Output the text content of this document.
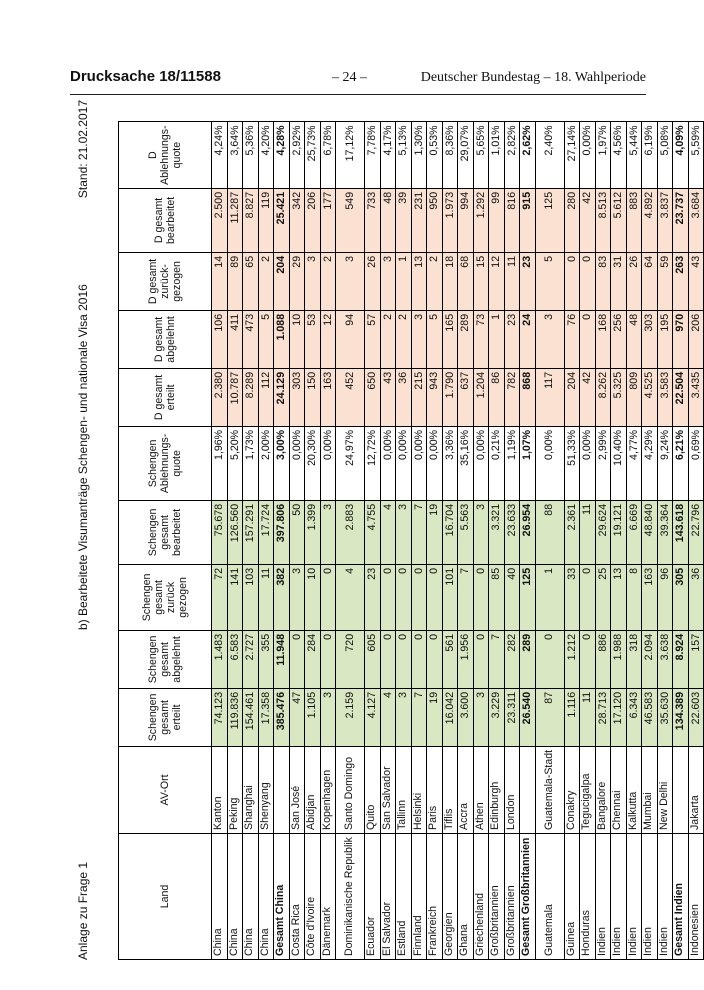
Drucksache 18/11588	– 24 –	Deutscher Bundestag – 18. Wahlperiode
Anlage zu Frage 1
b) Bearbeitete Visumanträge Schengen- und nationale Visa 2016
Stand: 21.02.2017
Land	AV-Ort	Schengen gesamt erteilt	Schengen gesamt abgelehnt	Schengen gesamt zurück gezogen	Schengen gesamt bearbeitet	Schengen Ablehnungs-quote	D gesamt erteilt	D gesamt abgelehnt	D gesamt zurück-gezogen	D gesamt bearbeitet	D Ablehnungs-quote
China	Kanton	74.123	1.483	72	75.678	1,96%	2.380	106	14	2.500	4,24%
China	Peking	119.836	6.583	141	126.560	5,20%	10.787	411	89	11.287	3,64%
China	Shanghai	154.461	2.727	103	157.291	1,73%	8.289	473	65	8.827	5,36%
China	Shenyang	17.358	355	11	17.724	2,00%	112	5	2	119	4,20%
Gesamt China		385.476	11.948	382	397.806	3,00%	24.129	1.088	204	25.421	4,28%
Costa Rica	San José	47	0	3	50	0,00%	303	10	29	342	2,92%
Côte d'Ivoire	Abidjan	1.105	284	10	1.399	20,30%	150	53	3	206	25,73%
Dänemark	Kopenhagen	3	0	0	3	0,00%	163	12	2	177	6,78%
Dominikanische Republik	Santo Domingo	2.159	720	4	2.883	24,97%	452	94	3	549	17,12%
Ecuador	Quito	4.127	605	23	4.755	12,72%	650	57	26	733	7,78%
El Salvador	San Salvador	4	0	0	4	0,00%	43	2	3	48	4,17%
Estland	Tallinn	3	0	0	3	0,00%	36	2	1	39	5,13%
Finnland	Helsinki	7	0	0	7	0,00%	215	3	13	231	1,30%
Frankreich	Paris	19	0	0	19	0,00%	943	5	2	950	0,53%
Georgien	Tiflis	16.042	561	101	16.704	3,36%	1.790	165	18	1.973	8,36%
Ghana	Accra	3.600	1.956	7	5.563	35,16%	637	289	68	994	29,07%
Griechenland	Athen	3	0	0	3	0,00%	1.204	73	15	1.292	5,65%
Großbritannien	Edinburgh	3.229	7	85	3.321	0,21%	86	1	12	99	1,01%
Großbritannien	London	23.311	282	40	23.633	1,19%	782	23	11	816	2,82%
Gesamt Großbritannien		26.540	289	125	26.954	1,07%	868	24	23	915	2,62%
Guatemala	Guatemala-Stadt	87	0	1	88	0,00%	117	3	5	125	2,40%
Guinea	Conakry	1.116	1.212	33	2.361	51,33%	204	76	0	280	27,14%
Honduras	Tegucigalpa	11	0	0	11	0,00%	42	0	0	42	0,00%
Indien	Bangalore	28.713	886	25	29.624	2,99%	8.262	168	83	8.513	1,97%
Indien	Chennai	17.120	1.988	13	19.121	10,40%	5.325	256	31	5.612	4,56%
Indien	Kalkutta	6.343	318	8	6.669	4,77%	809	48	26	883	5,44%
Indien	Mumbai	46.583	2.094	163	48.840	4,29%	4.525	303	64	4.892	6,19%
Indien	New Delhi	35.630	3.638	96	39.364	9,24%	3.583	195	59	3.837	5,08%
Gesamt Indien		134.389	8.924	305	143.618	6,21%	22.504	970	263	23.737	4,09%
Indonesien	Jakarta	22.603	157	36	22.796	0,69%	3.435	206	43	3.684	5,59%
